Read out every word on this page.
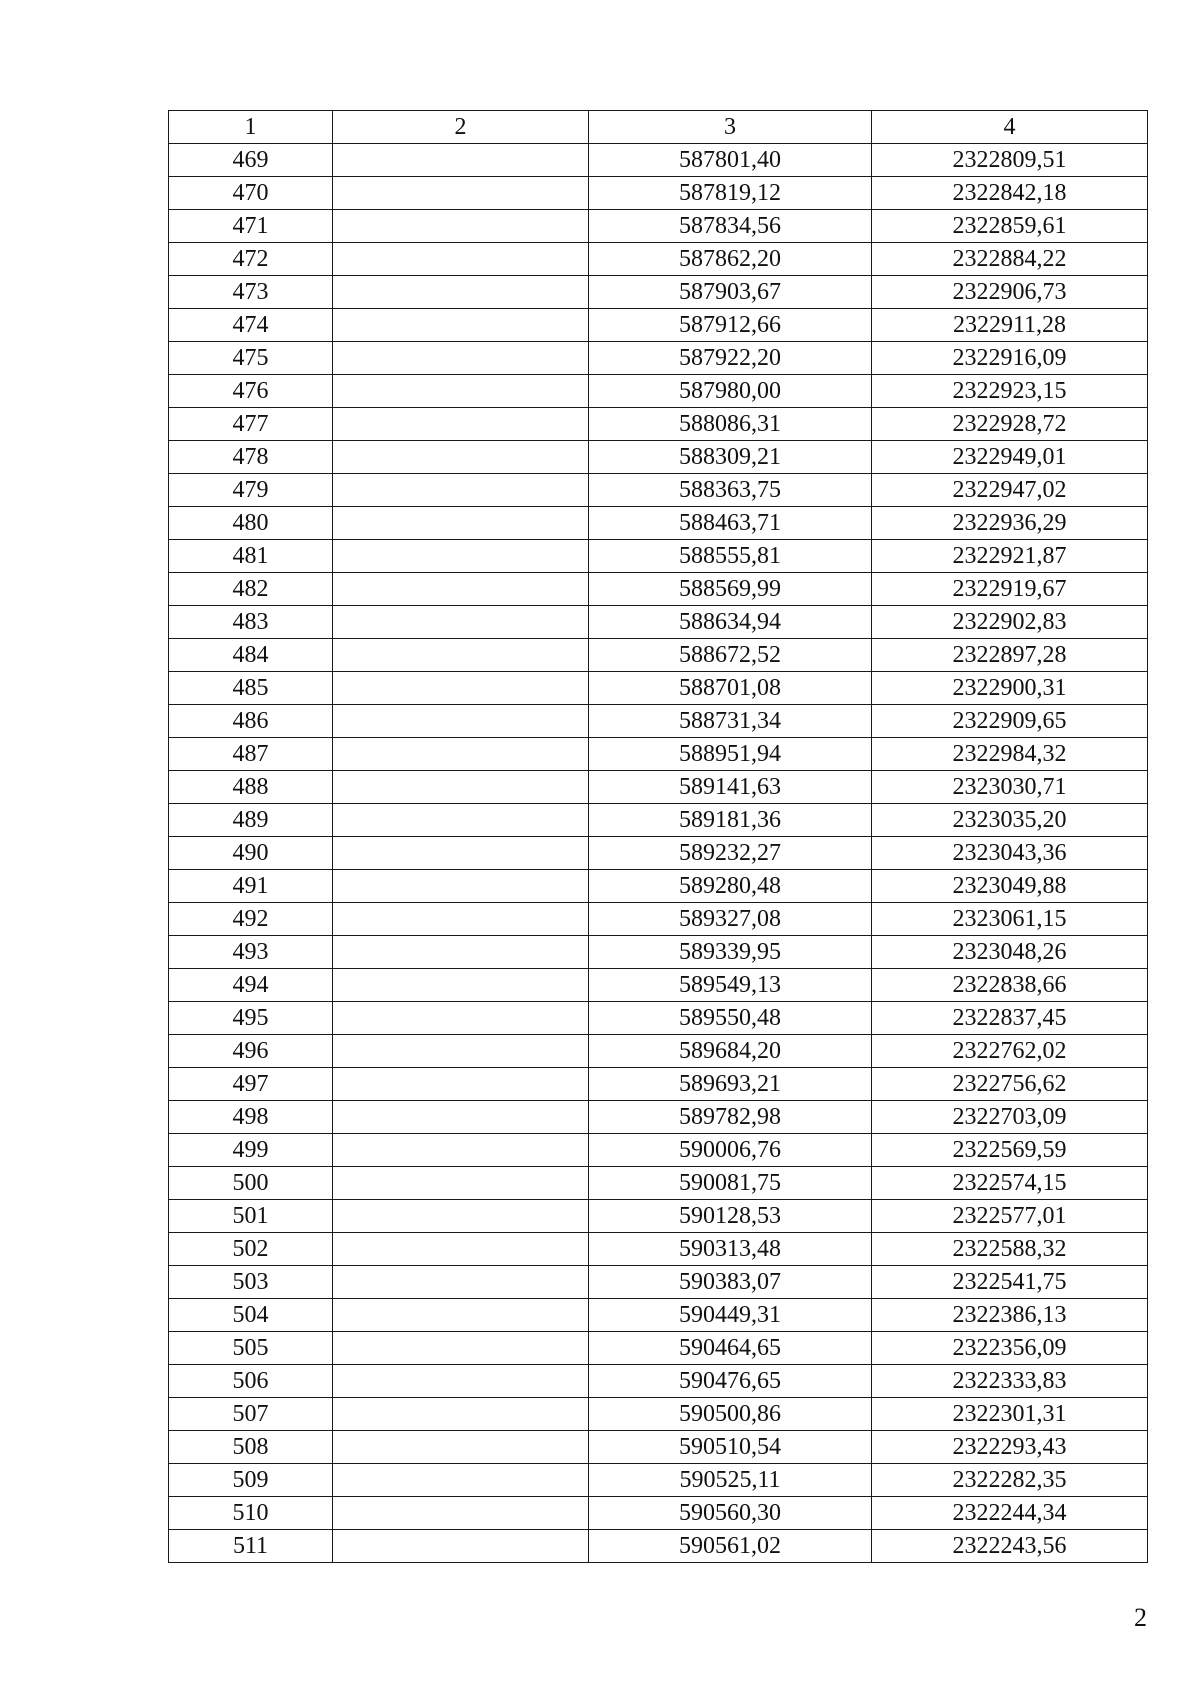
1	2	3	4
469		587801,40	2322809,51
470		587819,12	2322842,18
471		587834,56	2322859,61
472		587862,20	2322884,22
473		587903,67	2322906,73
474		587912,66	2322911,28
475		587922,20	2322916,09
476		587980,00	2322923,15
477		588086,31	2322928,72
478		588309,21	2322949,01
479		588363,75	2322947,02
480		588463,71	2322936,29
481		588555,81	2322921,87
482		588569,99	2322919,67
483		588634,94	2322902,83
484		588672,52	2322897,28
485		588701,08	2322900,31
486		588731,34	2322909,65
487		588951,94	2322984,32
488		589141,63	2323030,71
489		589181,36	2323035,20
490		589232,27	2323043,36
491		589280,48	2323049,88
492		589327,08	2323061,15
493		589339,95	2323048,26
494		589549,13	2322838,66
495		589550,48	2322837,45
496		589684,20	2322762,02
497		589693,21	2322756,62
498		589782,98	2322703,09
499		590006,76	2322569,59
500		590081,75	2322574,15
501		590128,53	2322577,01
502		590313,48	2322588,32
503		590383,07	2322541,75
504		590449,31	2322386,13
505		590464,65	2322356,09
506		590476,65	2322333,83
507		590500,86	2322301,31
508		590510,54	2322293,43
509		590525,11	2322282,35
510		590560,30	2322244,34
511		590561,02	2322243,56
2
